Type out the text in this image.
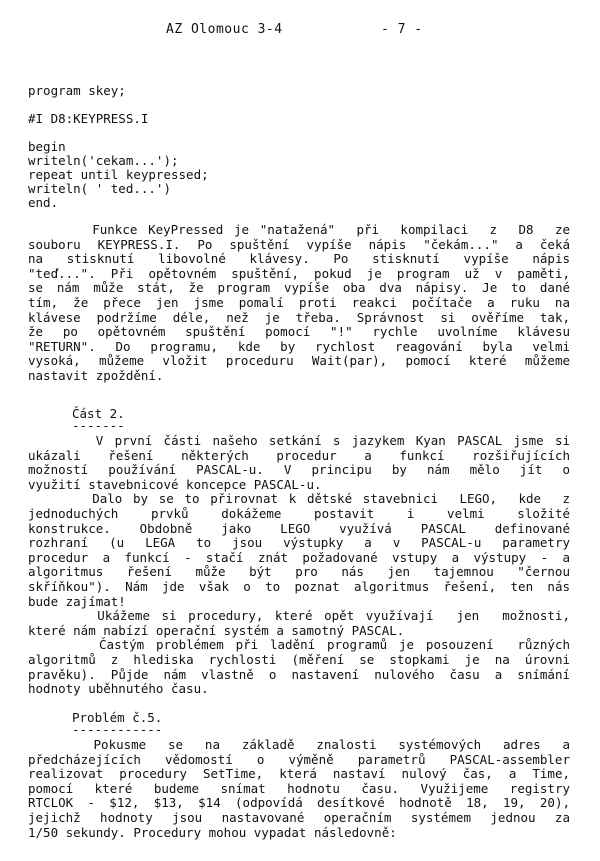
AZ Olomouc 3-4	- 7 -
program skey;

#I D8:KEYPRESS.I

begin
writeln('cekam...');
repeat until keypressed;
writeln( ' ted...')
end.
Funkce KeyPressed je "natažená"  při  kompilaci  z  D8  ze
souboru KEYPRESS.I. Po spuštění vypíše nápis "čekám..." a čeká
na stisknutí libovolné klávesy. Po stisknutí vypíše nápis
"teď...". Při opětovném spuštění, pokud je program už v paměti,
se nám může stát, že program vypíše oba dva nápisy. Je to dané
tím, že přece jen jsme pomalí proti reakci počítače a ruku na
klávese podržíme déle, než je třeba. Správnost si ověříme tak,
že po opětovném spuštění pomocí "!" rychle uvolníme klávesu
"RETURN". Do programu, kde by rychlost reagování byla velmi
vysoká, můžeme vložit proceduru Wait(par), pomocí které můžeme
nastavit zpoždění.
Část 2.
-------
V první části našeho setkání s jazykem Kyan PASCAL jsme si
ukázali řešení některých procedur a funkcí rozšiřujících
možností používání PASCAL-u. V principu by nám mělo jít o
využití stavebnicové koncepce PASCAL-u.
Dalo by se to přirovnat k dětské stavebnici  LEGO,  kde  z
jednoduchých prvků dokážeme postavit i velmi složité
konstrukce. Obdobně jako LEGO využívá PASCAL definované
rozhraní (u LEGA to jsou výstupky a v PASCAL-u parametry
procedur a funkcí - stačí znát požadované vstupy a výstupy - a
algoritmus řešení může být pro nás jen tajemnou "černou
skříňkou"). Nám jde však o to poznat algoritmus řešení, ten nás
bude zajímat!
Ukážeme si procedury, které opět využívají  jen  možnosti,
které nám nabízí operační systém a samotný PASCAL.
Častým problémem při ladění programů je posouzení  různých
algoritmů z hlediska rychlosti (měření se stopkami je na úrovni
pravěku). Půjde nám vlastně o nastavení nulového času a snímání
hodnoty uběhnutého času.
Problém č.5.
------------
Pokusme  se  na  základě  znalosti  systémových  adres  a
předcházejících vědomostí o výměně parametrů PASCAL-assembler
realizovat procedury SetTime, která nastaví nulový čas, a Time,
pomocí které budeme snímat hodnotu času. Využijeme registry
RTCLOK - $12, $13, $14 (odpovídá desítkové hodnotě 18, 19, 20),
jejichž hodnoty jsou nastavované operačním systémem jednou za
1/50 sekundy. Procedury mohou vypadat následovně:
